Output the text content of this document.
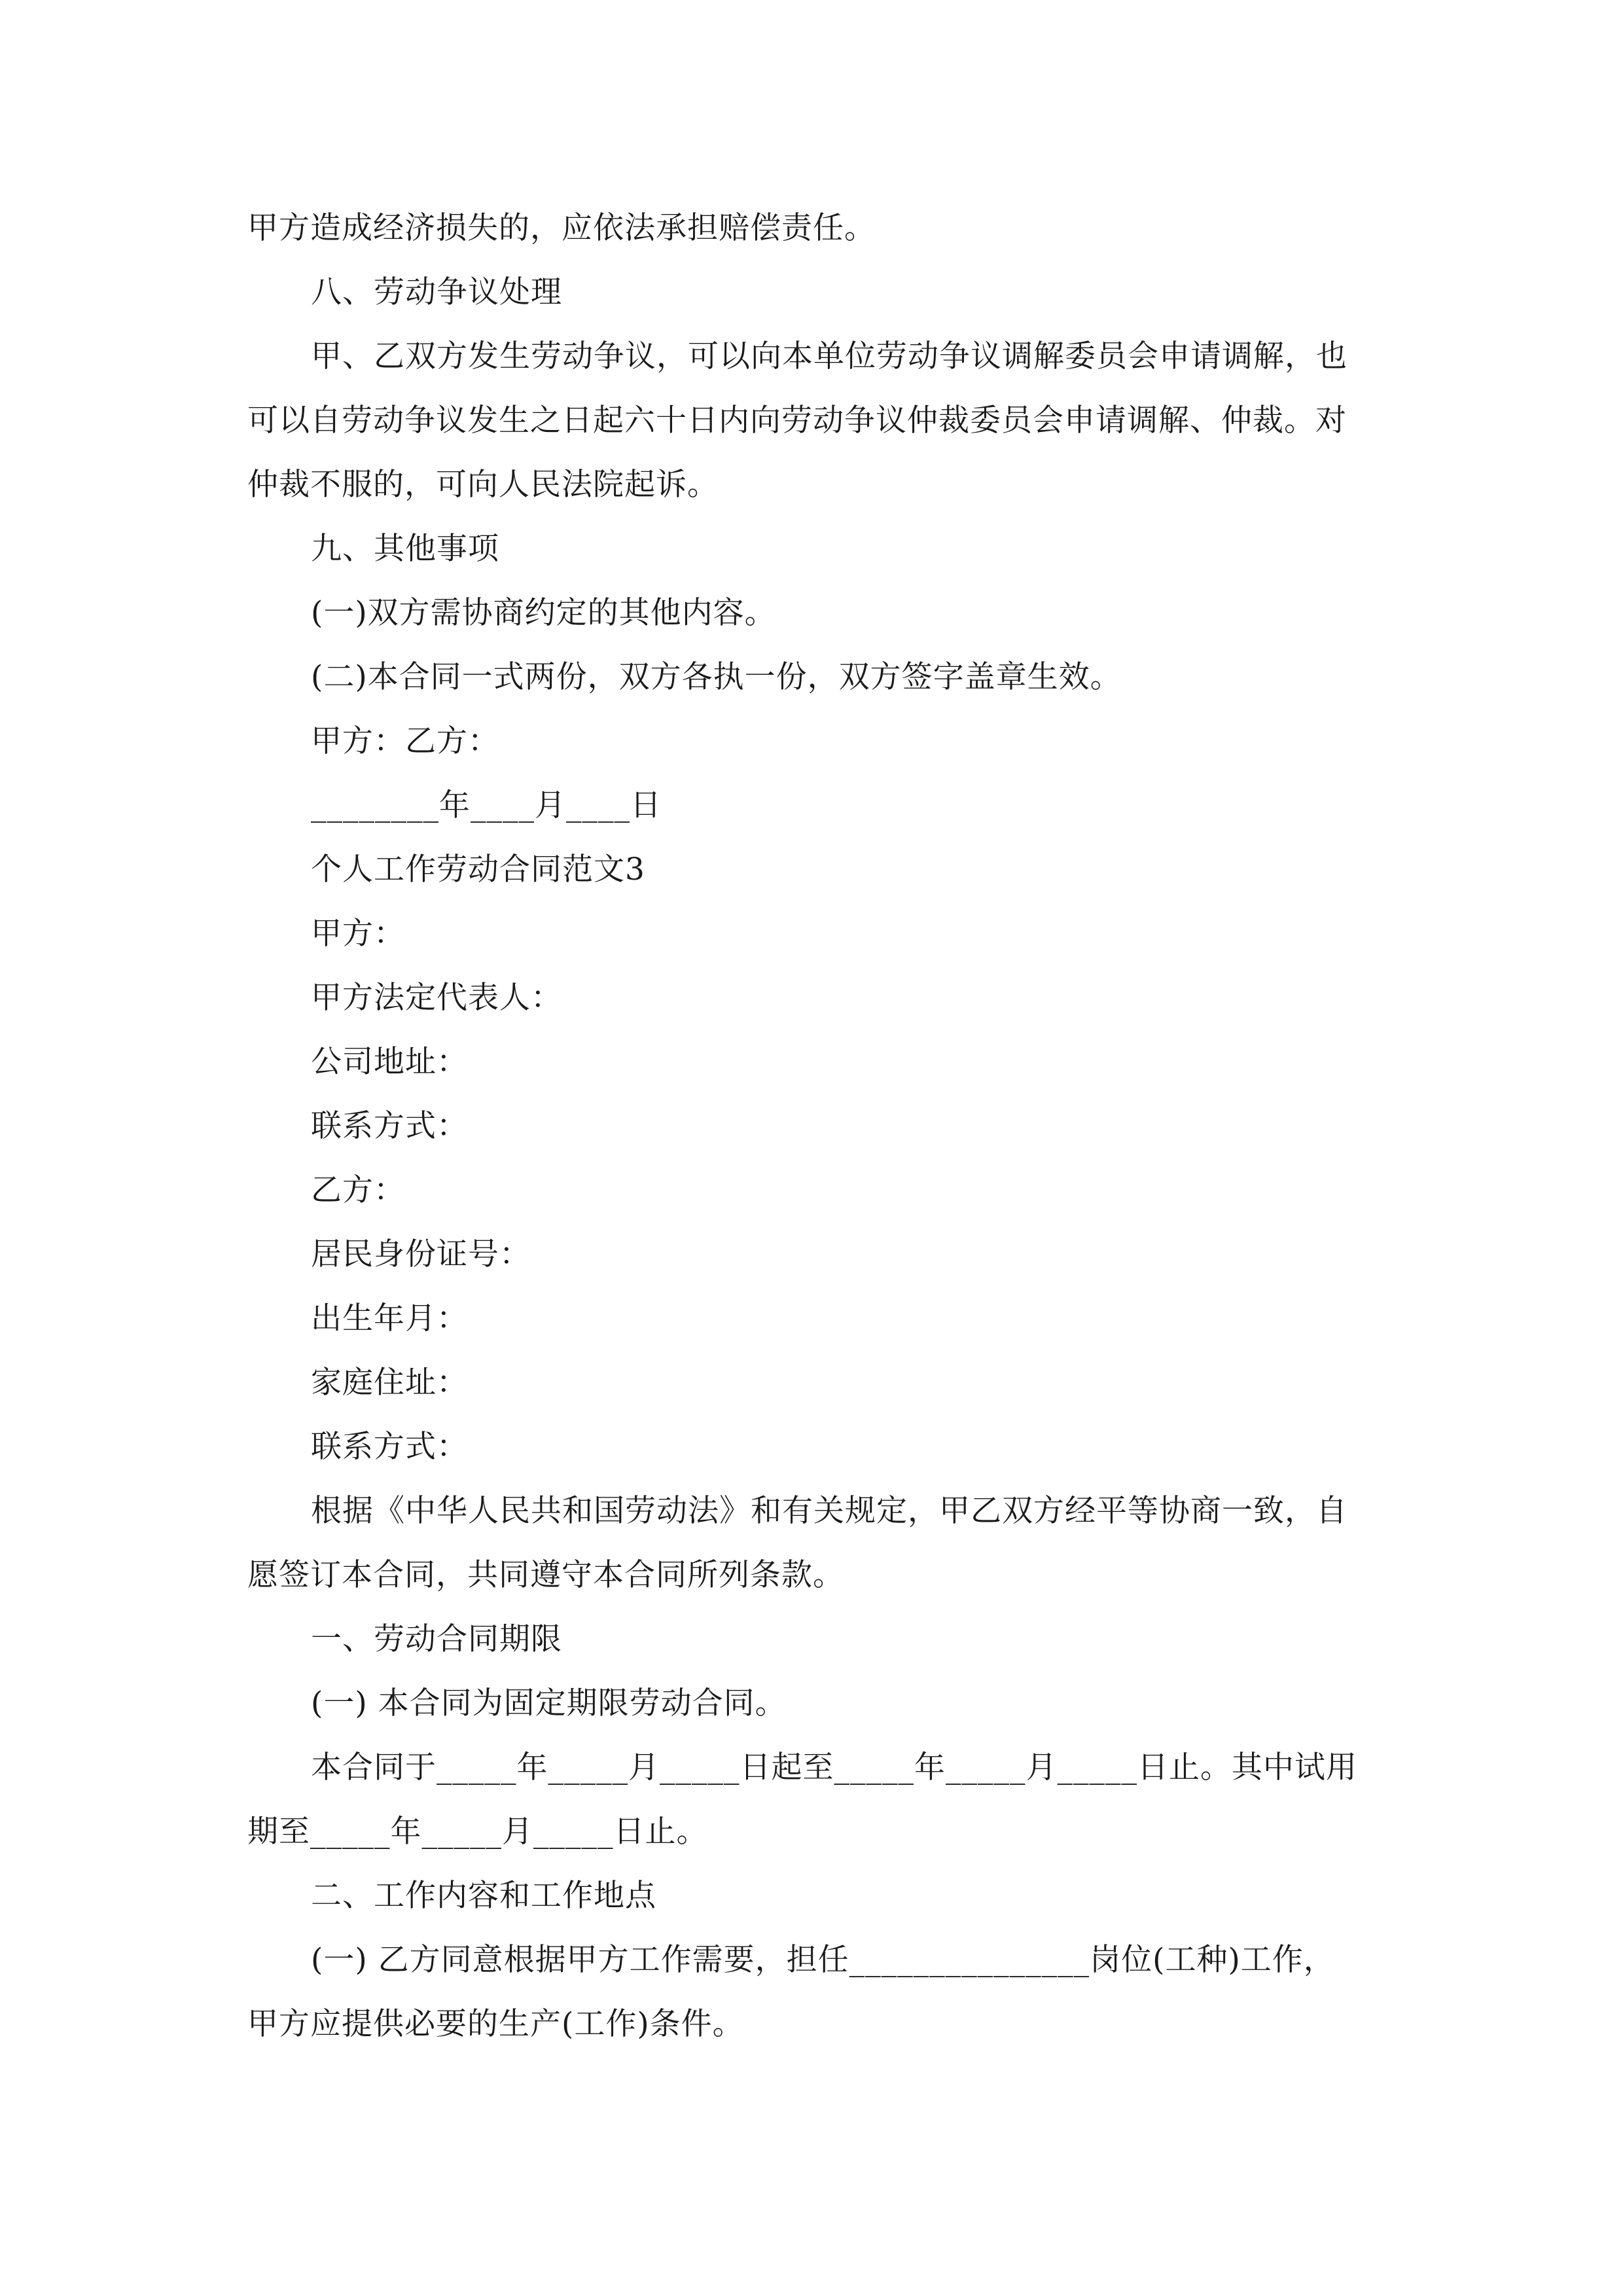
甲方造成经济损失的，应依法承担赔偿责任。
八、劳动争议处理
甲、乙双方发生劳动争议，可以向本单位劳动争议调解委员会申请调解，也
可以自劳动争议发生之日起六十日内向劳动争议仲裁委员会申请调解、仲裁。对
仲裁不服的，可向人民法院起诉。
九、其他事项
(一)双方需协商约定的其他内容。
(二)本合同一式两份，双方各执一份，双方签字盖章生效。
甲方：乙方：
________年____月____日
个人工作劳动合同范文3
甲方：
甲方法定代表人：
公司地址：
联系方式：
乙方：
居民身份证号：
出生年月：
家庭住址：
联系方式：
根据《中华人民共和国劳动法》和有关规定，甲乙双方经平等协商一致，自
愿签订本合同，共同遵守本合同所列条款。
一、劳动合同期限
(一) 本合同为固定期限劳动合同。
本合同于_____年_____月_____日起至_____年_____月_____日止。其中试用
期至_____年_____月_____日止。
二、工作内容和工作地点
(一) 乙方同意根据甲方工作需要，担任_______________岗位(工种)工作，
甲方应提供必要的生产(工作)条件。
